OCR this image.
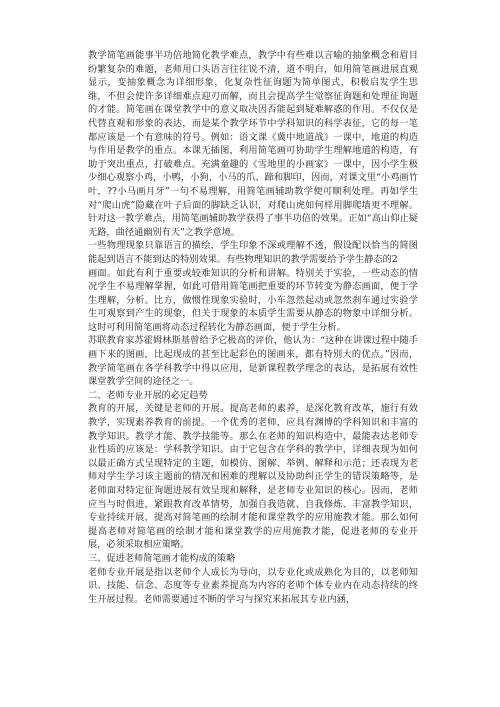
教学简笔画能事半功倍地简化教学难点，教学中有些难以言喻的抽象概念和眉目纷繁复杂的难题，老师用口头语言往往说不清，道不明白，如用简笔画进展直观显示，变抽象概念为详细形象，化复杂性征询题为简单图式，积极启发学生思维，不但会使许多详细难点迎刃而解，而且会提高学生觉察征询题和处理征询题的才能。简笔画在课堂教学中的意义取决因否能起到疑难解惑的作用。不仅仅是代替直观和形象的表达，而是某个教学环节中学科知识的科学表征，它的每一笔都应该是一个有意味的符号。例如：语文课《冀中地道战》一课中，地道的构造与作用是教学的重点。本课无插图，利用简笔画可协助学生理解地道的构造，有助于突出重点，打破难点。充满童趣的《雪地里的小画家》一课中，因小学生极少细心观察小鸡，小鸭，小狗，小马的爪、蹄和脚印，因而，对课文里“小鸡画竹叶，??小马画月牙”一句不易理解，用简笔画辅助教学便可顺利处理。再如学生对“爬山虎”隐藏在叶子后面的脚缺乏认识，对爬山虎如何样用脚爬墙更不理解。针对这一教学难点，用简笔画辅助教学获得了事半功倍的效果。正如“高山仰止疑无路，曲径通幽别有天”之教学意境。

一些物理现象只靠语言的描绘，学生印象不深或理解不透，假设配以恰当的简图能起到语言不能到达的特别效果。有些物理知识的教学需要给予学生静态的2

画面。如此有利于重要或较难知识的分析和讲解。特别关于实验，一些动态的情况学生不易理解掌握，如此可借用简笔画把重要的环节转变为静态画面，便于学生理解，分析。比方，做惯性现象实验时，小车忽然起动或忽然刹车通过实验学生可观察到产生的现象，但关于现象的本质学生需要从静态的物象中详细分析。这时可利用简笔画将动态过程转化为静态画面，便于学生分析。

苏联教育家苏霍姆林斯基曾给予它极高的评价，他认为：“这种在讲课过程中随手画下来的图画，比起现成的甚至比起彩色的图画来，都有特别大的优点。”因而，教学简笔画在各学科教学中得以应用，是新课程教学理念的表达，是拓展有效性课堂教学空间的途径之一。

二、老师专业开展的必定趋势

教育的开展，关键是老师的开展。提高老师的素养，是深化教育改革，施行有效教学，实现素养教育的前提。一个优秀的老师，应具有渊博的学科知识和丰富的教学知识。教学才能、教学技能等。那么在老师的知识构造中，最能表达老师专业性质的应该是：学科教学知识。由于它包含在学科的教学中，详细表现为如何以最正确方式呈现特定的主题，如模仿、图解、举例、解释和示范；还表现为老师对学生学习该主题前的情况和困难的理解以及协助纠正学生的错误策略等，是老师面对特定征询题进展有效呈现和解释，是老师专业知识的核心。因而，老师应当与时俱进，紧跟教育改革情势，加强自我造就、自我修炼、丰富教学知识，专业持续开展，提高对简笔画的绘制才能和课堂教学的应用施教才能。那么如何提高老师对简笔画的绘制才能和课堂教学的应用施教才能，促进老师的专业开展，必须采取相应策略。

三、促进老师简笔画才能构成的策略

老师专业开展是指以老师个人成长为导向，以专业化或成熟化为目的，以老师知识、技能、信念、态度等专业素养提高为内容的老师个体专业内在动态持续的终生开展过程。老师需要通过不断的学习与探究来拓展其专业内涵，
